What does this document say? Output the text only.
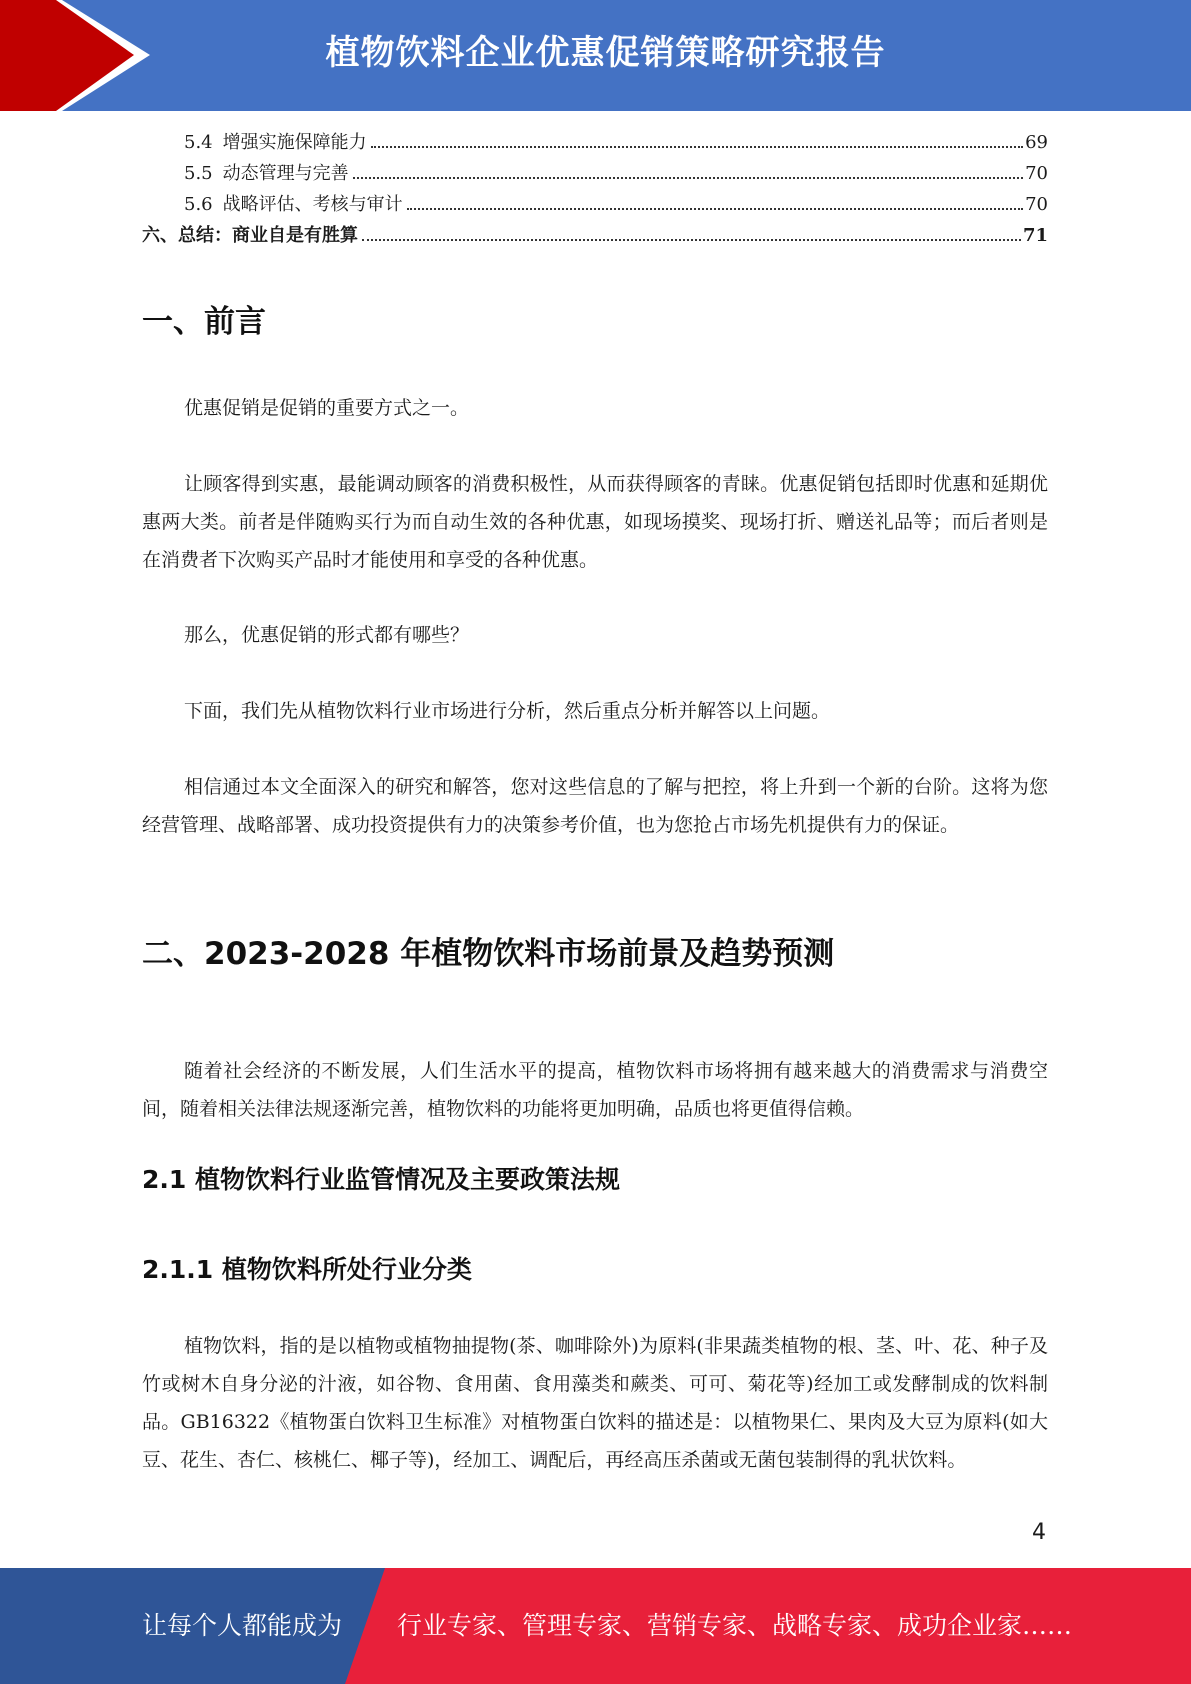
植物饮料企业优惠促销策略研究报告
5.4 增强实施保障能力	69
5.5 动态管理与完善	70
5.6 战略评估、考核与审计	70
六、总结：商业自是有胜算	71
一、前言

优惠促销是促销的重要方式之一。

让顾客得到实惠，最能调动顾客的消费积极性，从而获得顾客的青睐。优惠促销包括即时优惠和延期优惠两大类。前者是伴随购买行为而自动生效的各种优惠，如现场摸奖、现场打折、赠送礼品等；而后者则是在消费者下次购买产品时才能使用和享受的各种优惠。

那么，优惠促销的形式都有哪些？

下面，我们先从植物饮料行业市场进行分析，然后重点分析并解答以上问题。

相信通过本文全面深入的研究和解答，您对这些信息的了解与把控，将上升到一个新的台阶。这将为您经营管理、战略部署、成功投资提供有力的决策参考价值，也为您抢占市场先机提供有力的保证。

二、2023-2028 年植物饮料市场前景及趋势预测

随着社会经济的不断发展，人们生活水平的提高，植物饮料市场将拥有越来越大的消费需求与消费空间，随着相关法律法规逐渐完善，植物饮料的功能将更加明确，品质也将更值得信赖。

2.1 植物饮料行业监管情况及主要政策法规
2.1.1 植物饮料所处行业分类

植物饮料，指的是以植物或植物抽提物(茶、咖啡除外)为原料(非果蔬类植物的根、茎、叶、花、种子及竹或树木自身分泌的汁液，如谷物、食用菌、食用藻类和蕨类、可可、菊花等)经加工或发酵制成的饮料制品。GB16322《植物蛋白饮料卫生标准》对植物蛋白饮料的描述是：以植物果仁、果肉及大豆为原料(如大豆、花生、杏仁、核桃仁、椰子等)，经加工、调配后，再经高压杀菌或无菌包装制得的乳状饮料。

4
让每个人都能成为 行业专家、管理专家、营销专家、战略专家、成功企业家……
